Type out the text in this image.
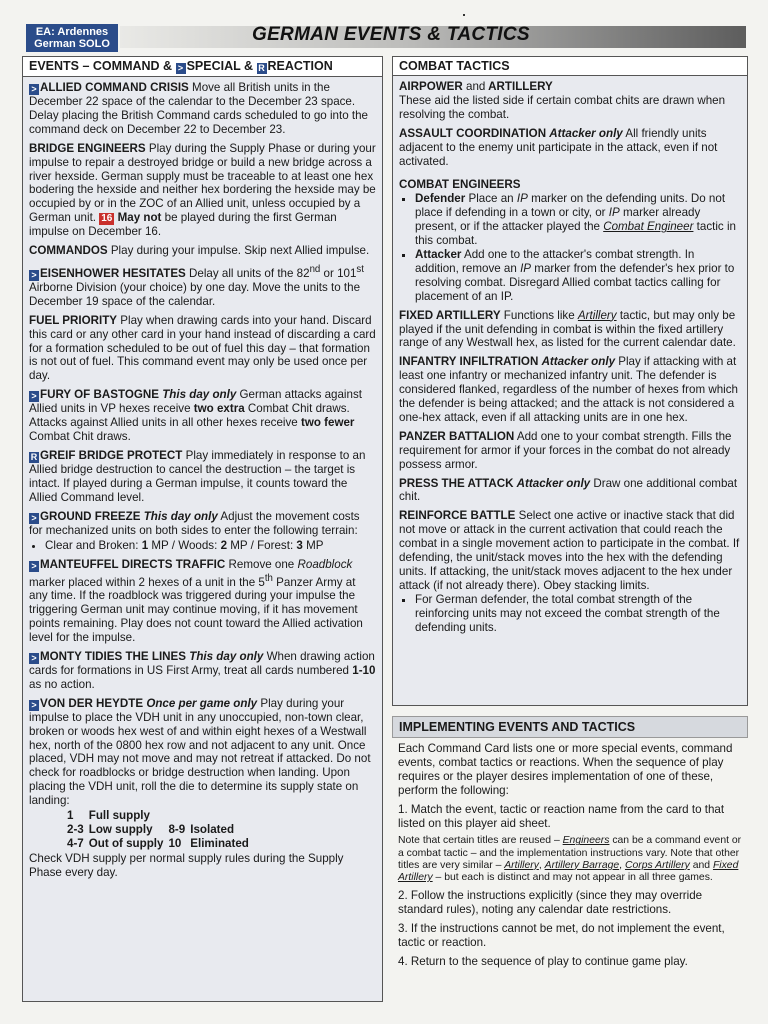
EA: Ardennes
German SOLO	GERMAN EVENTS & TACTICS
EVENTS – COMMAND & > SPECIAL & R REACTION

> ALLIED COMMAND CRISIS Move all British units in the December 22 space of the calendar to the December 23 space. Delay placing the British Command cards scheduled to go into the command deck on December 22 to December 23.

BRIDGE ENGINEERS Play during the Supply Phase or during your impulse to repair a destroyed bridge or build a new bridge across a river hexside. German supply must be traceable to at least one hex bodering the hexside and neither hex bordering the hexside may be occupied by or in the ZOC of an Allied unit, unless occupied by a German unit. 16 May not be played during the first German impulse on December 16.

COMMANDOS Play during your impulse. Skip next Allied impulse.

> EISENHOWER HESITATES Delay all units of the 82nd or 101st Airborne Division (your choice) by one day. Move the units to the December 19 space of the calendar.

FUEL PRIORITY Play when drawing cards into your hand. Discard this card or any other card in your hand instead of discarding a card for a formation scheduled to be out of fuel this day – that formation is not out of fuel. This command event may only be used once per day.

> FURY OF BASTOGNE This day only German attacks against Allied units in VP hexes receive two extra Combat Chit draws. Attacks against Allied units in all other hexes receive two fewer Combat Chit draws.

R GREIF BRIDGE PROTECT Play immediately in response to an Allied bridge destruction to cancel the destruction – the target is intact. If played during a German impulse, it counts toward the Allied Command level.

> GROUND FREEZE This day only Adjust the movement costs for mechanized units on both sides to enter the following terrain:

• Clear and Broken: 1 MP / Woods: 2 MP / Forest: 3 MP

> MANTEUFFEL DIRECTS TRAFFIC Remove one Roadblock marker placed within 2 hexes of a unit in the 5th Panzer Army at any time. If the roadblock was triggered during your impulse the triggering German unit may continue moving, if it has movement points remaining. Play does not count toward the Allied activation level for the impulse.

> MONTY TIDIES THE LINES This day only When drawing action cards for formations in US First Army, treat all cards numbered 1-10 as no action.

> VON DER HEYDTE Once per game only Play during your impulse to place the VDH unit in any unoccupied, non-town clear, broken or woods hex west of and within eight hexes of a Westwall hex, north of the 0800 hex row and not adjacent to any unit. Once placed, VDH may not move and may not retreat if attacked. Do not check for roadblocks or bridge destruction when landing. Upon placing the VDH unit, roll the die to determine its supply state on landing:

1	Full supply		
2-3	Low supply	8-9	Isolated
4-7	Out of supply	10	Eliminated

Check VDH supply per normal supply rules during the Supply Phase every day.

COMBAT TACTICS
AIRPOWER and ARTILLERY

These aid the listed side if certain combat chits are drawn when resolving the combat.

ASSAULT COORDINATION Attacker only All friendly units adjacent to the enemy unit participate in the attack, even if not activated.

COMBAT ENGINEERS
▪ Defender Place an IP marker on the defending units. Do not place if defending in a town or city, or IP marker already present, or if the attacker played the Combat Engineer tactic in this combat.
▪ Attacker Add one to the attacker's combat strength. In addition, remove an IP marker from the defender's hex prior to resolving combat. Disregard Allied combat tactics calling for placement of an IP.

FIXED ARTILLERY Functions like Artillery tactic, but may only be played if the unit defending in combat is within the fixed artillery range of any Westwall hex, as listed for the current calendar date.

INFANTRY INFILTRATION Attacker only Play if attacking with at least one infantry or mechanized infantry unit. The defender is considered flanked, regardless of the number of hexes from which the defender is being attacked; and the attack is not considered a one-hex attack, even if all attacking units are in one hex.

PANZER BATTALION Add one to your combat strength. Fills the requirement for armor if your forces in the combat do not already possess armor.

PRESS THE ATTACK Attacker only Draw one additional combat chit.

REINFORCE BATTLE Select one active or inactive stack that did not move or attack in the current activation that could reach the combat in a single movement action to participate in the combat. If defending, the unit/stack moves into the hex with the defending units. If attacking, the unit/stack moves adjacent to the hex under attack (if not already there). Obey stacking limits.

▪ For German defender, the total combat strength of the reinforcing units may not exceed the combat strength of the defending units.
IMPLEMENTING EVENTS AND TACTICS

Each Command Card lists one or more special events, command events, combat tactics or reactions. When the sequence of play requires or the player desires implementation of one of these, perform the following:

1. Match the event, tactic or reaction name from the card to that listed on this player aid sheet.

Note that certain titles are reused – Engineers can be a command event or a combat tactic – and the implementation instructions vary. Note that other titles are very similar – Artillery, Artillery Barrage, Corps Artillery and Fixed Artillery – but each is distinct and may not appear in all three games.

2. Follow the instructions explicitly (since they may override standard rules), noting any calendar date restrictions.

3. If the instructions cannot be met, do not implement the event, tactic or reaction.

4. Return to the sequence of play to continue game play.
